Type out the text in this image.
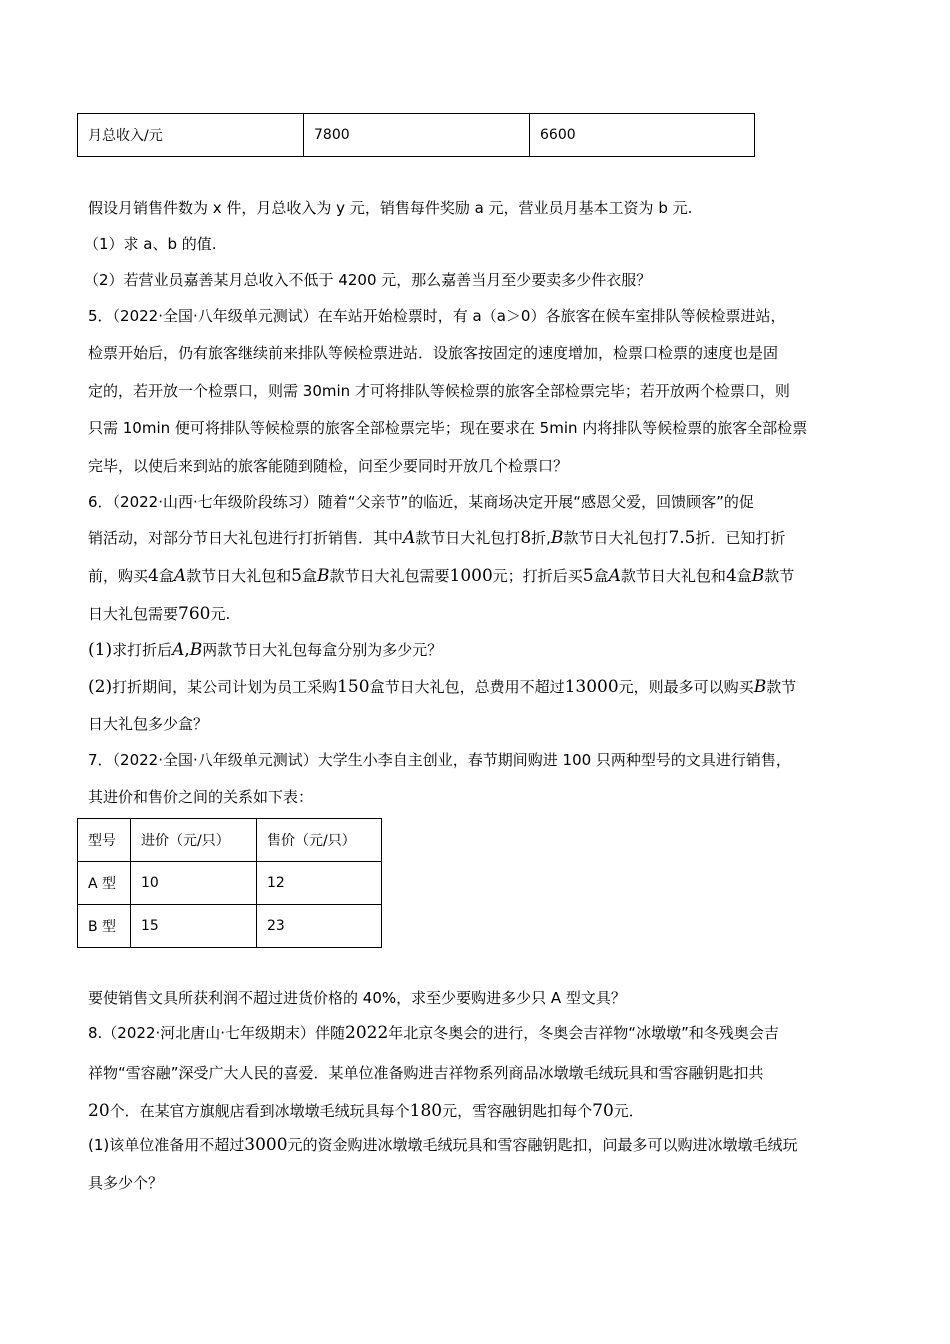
月总收入/元	7800	6600
假设月销售件数为 x 件，月总收入为 y 元，销售每件奖励 a 元，营业员月基本工资为 b 元.
（1）求 a、b 的值.
（2）若营业员嘉善某月总收入不低于 4200 元，那么嘉善当月至少要卖多少件衣服？
5．（2022·全国·八年级单元测试）在车站开始检票时，有 a（a＞0）各旅客在候车室排队等候检票进站，
检票开始后，仍有旅客继续前来排队等候检票进站．设旅客按固定的速度增加，检票口检票的速度也是固
定的，若开放一个检票口，则需 30min 才可将排队等候检票的旅客全部检票完毕；若开放两个检票口，则
只需 10min 便可将排队等候检票的旅客全部检票完毕；现在要求在 5min 内将排队等候检票的旅客全部检票
完毕，以使后来到站的旅客能随到随检，问至少要同时开放几个检票口？
6．（2022·山西·七年级阶段练习）随着“父亲节”的临近，某商场决定开展“感恩父爱，回馈顾客”的促
销活动，对部分节日大礼包进行打折销售．其中A款节日大礼包打8折,B款节日大礼包打7.5折．已知打折
前，购买4盒A款节日大礼包和5盒B款节日大礼包需要1000元；打折后买5盒A款节日大礼包和4盒B款节
日大礼包需要760元.
(1)求打折后A,B两款节日大礼包每盒分别为多少元？
(2)打折期间，某公司计划为员工采购150盒节日大礼包，总费用不超过13000元，则最多可以购买B款节
日大礼包多少盒？
7．（2022·全国·八年级单元测试）大学生小李自主创业，春节期间购进 100 只两种型号的文具进行销售，
其进价和售价之间的关系如下表：
型号	进价（元/只）	售价（元/只）
A 型	10	12
B 型	15	23
要使销售文具所获利润不超过进货价格的 40%，求至少要购进多少只 A 型文具？
8.（2022·河北唐山·七年级期末）伴随2022年北京冬奥会的进行，冬奥会吉祥物“冰墩墩”和冬残奥会吉
祥物“雪容融”深受广大人民的喜爱．某单位准备购进吉祥物系列商品冰墩墩毛绒玩具和雪容融钥匙扣共
20个．在某官方旗舰店看到冰墩墩毛绒玩具每个180元，雪容融钥匙扣每个70元．
(1)该单位准备用不超过3000元的资金购进冰墩墩毛绒玩具和雪容融钥匙扣，问最多可以购进冰墩墩毛绒玩
具多少个？
